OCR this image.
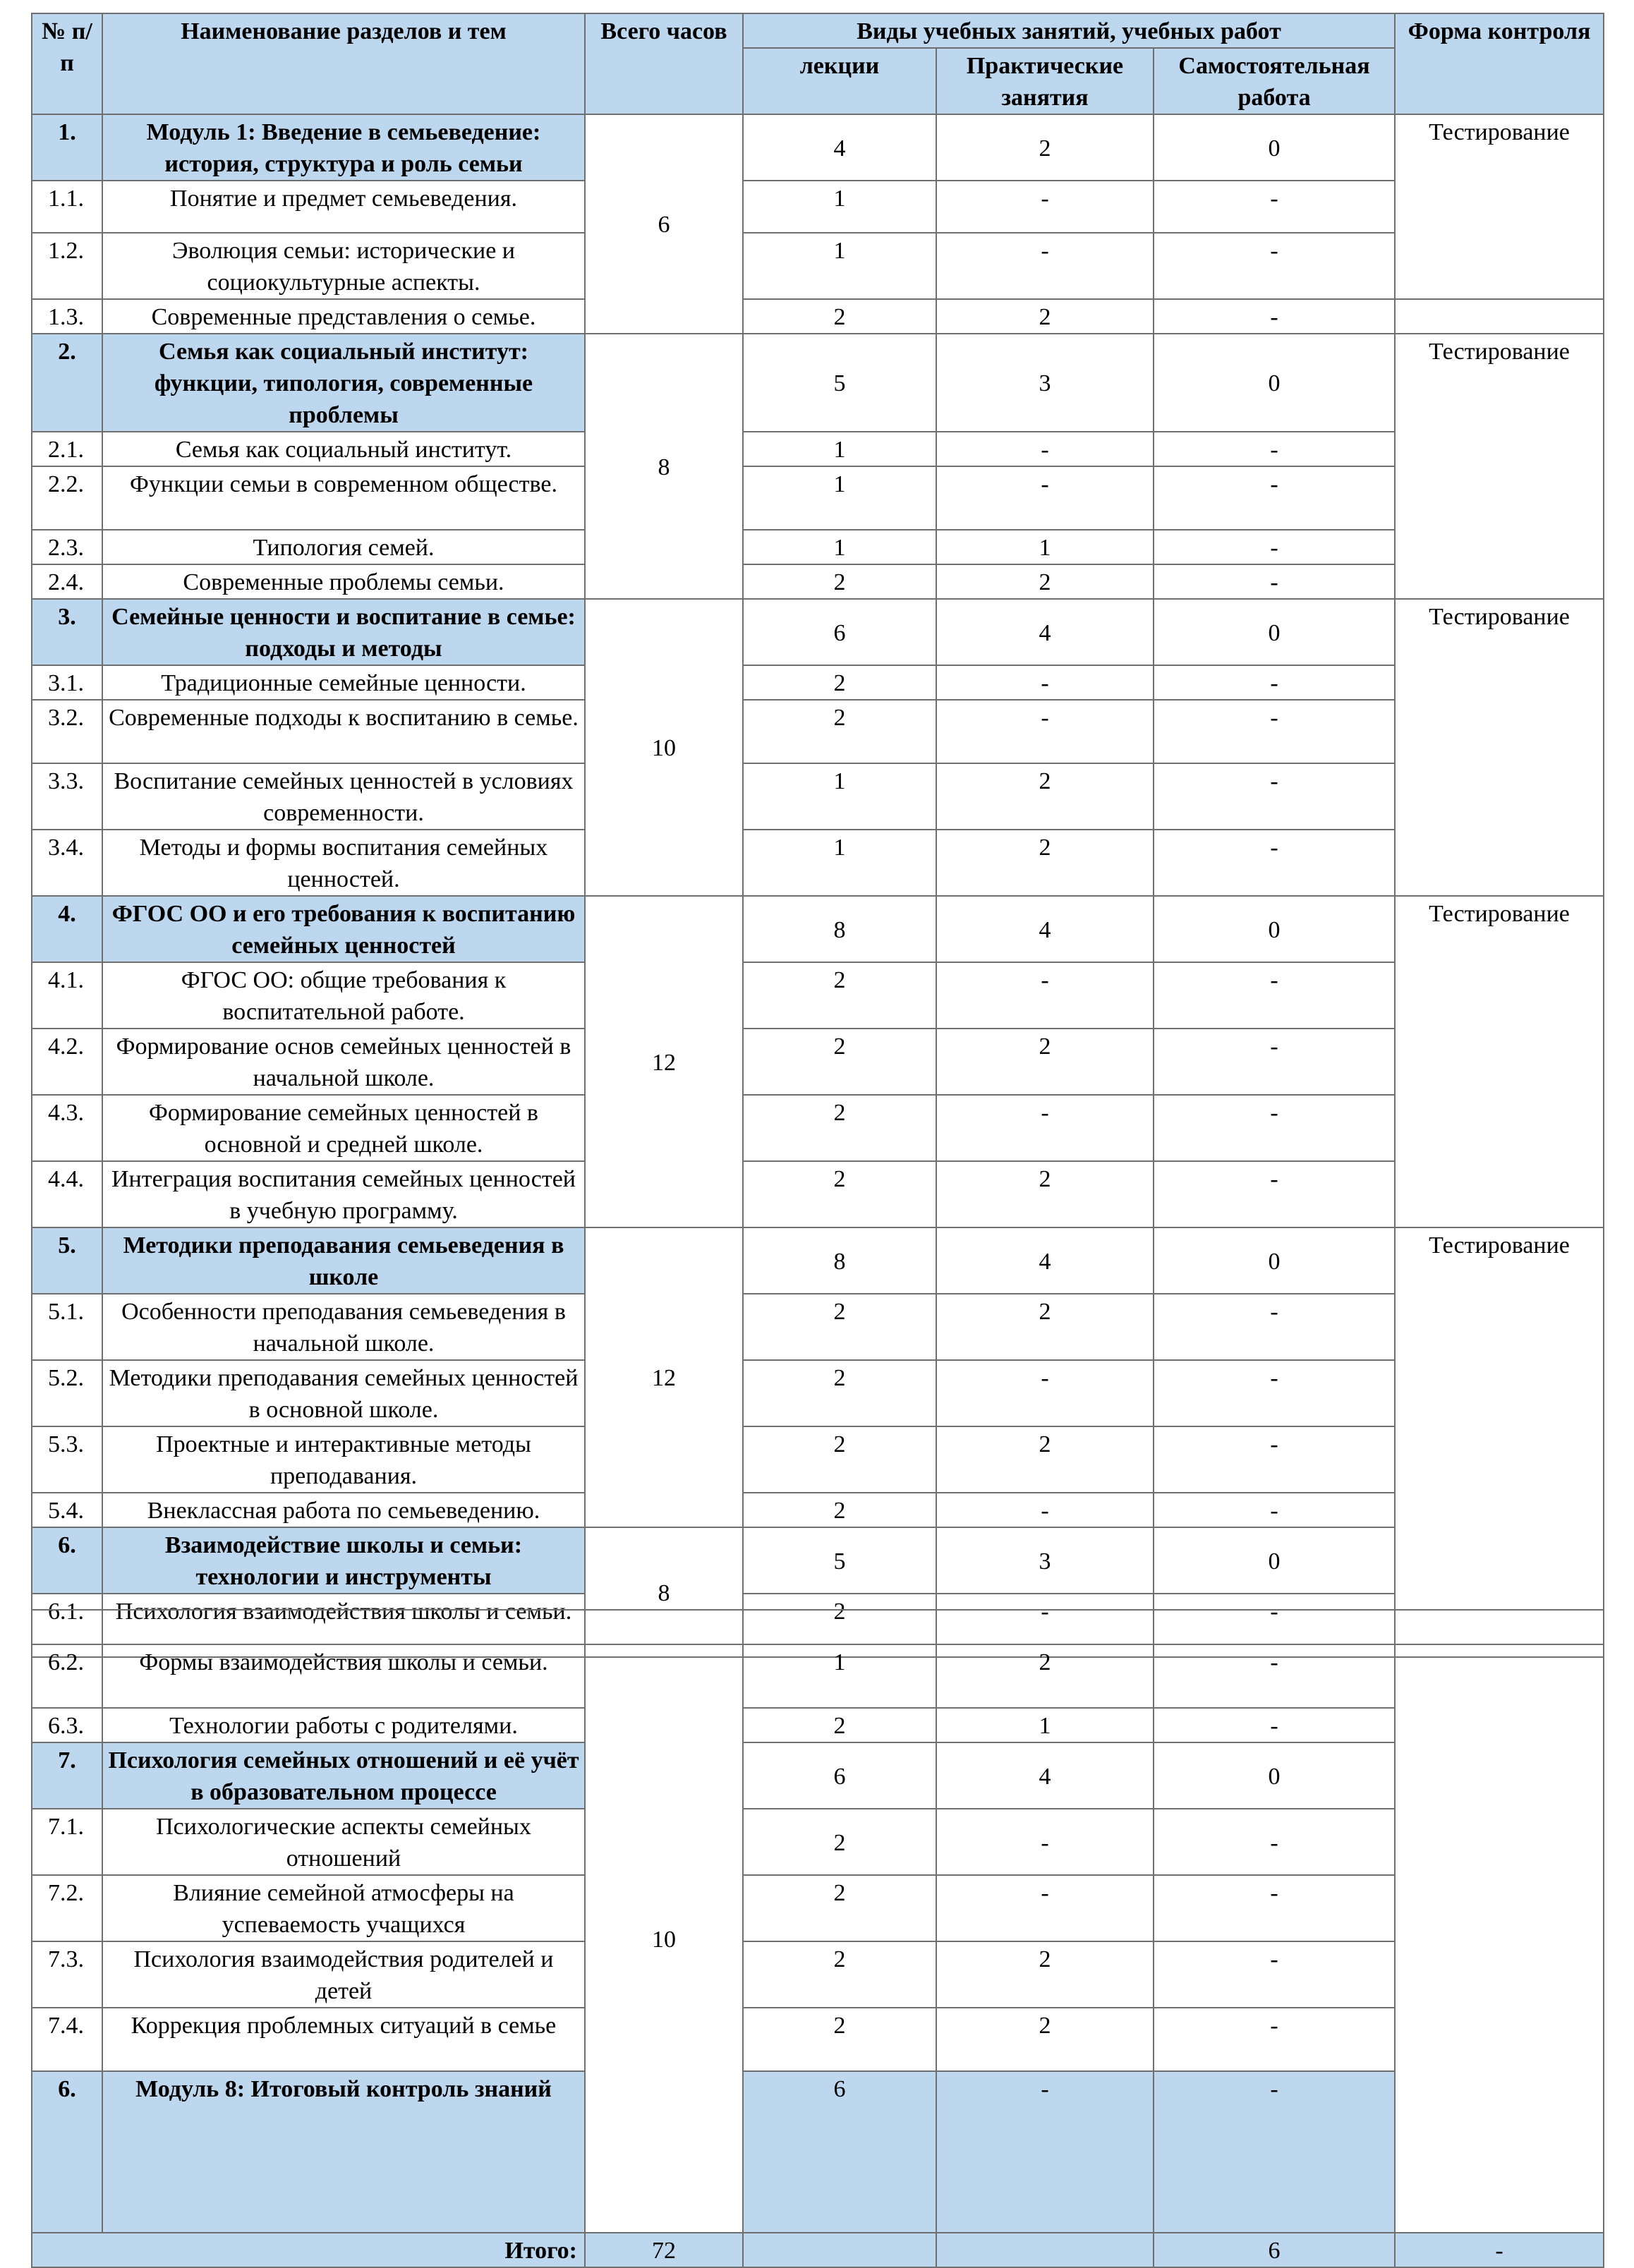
№ п/п	Наименование разделов и тем	Всего часов	Виды учебных занятий, учебных работ			Форма контроля
			лекции	Практические занятия	Самостоятельная работа	
1.	Модуль 1: Введение в семьеведение: история, структура и роль семьи	6	4	2	0	Тестирование
1.1.	Понятие и предмет семьеведения.		1	-	-	
1.2.	Эволюция семьи: исторические и социокультурные аспекты.		1	-	-	
1.3.	Современные представления о семье.		2	2	-	
2.	Семья как социальный институт: функции, типология, современные проблемы	8	5	3	0	Тестирование
2.1.	Семья как социальный институт.		1	-	-	
2.2.	Функции семьи в современном обществе.		1	-	-	
2.3.	Типология семей.		1	1	-	
2.4.	Современные проблемы семьи.		2	2	-	
3.	Семейные ценности и воспитание в семье: подходы и методы	10	6	4	0	Тестирование
3.1.	Традиционные семейные ценности.		2	-	-	
3.2.	Современные подходы к воспитанию в семье.		2	-	-	
3.3.	Воспитание семейных ценностей в условиях современности.		1	2	-	
3.4.	Методы и формы воспитания семейных ценностей.		1	2	-	
4.	ФГОС ОО и его требования к воспитанию семейных ценностей	12	8	4	0	Тестирование
4.1.	ФГОС ОО: общие требования к воспитательной работе.		2	-	-	
4.2.	Формирование основ семейных ценностей в начальной школе.		2	2	-	
4.3.	Формирование семейных ценностей в основной и средней школе.		2	-	-	
4.4.	Интеграция воспитания семейных ценностей в учебную программу.		2	2	-	
5.	Методики преподавания семьеведения в школе	12	8	4	0	Тестирование
5.1.	Особенности преподавания семьеведения в начальной школе.		2	2	-	
5.2.	Методики преподавания семейных ценностей в основной школе.		2	-	-	
5.3.	Проектные и интерактивные методы преподавания.		2	2	-	
5.4.	Внеклассная работа по семьеведению.		2	-	-	
6.	Взаимодействие школы и семьи: технологии и инструменты	8	5	3	0	
6.1.	Психология взаимодействия школы и семьи.		2	-	-	
6.2.	Формы взаимодействия школы и семьи.	10	1	2	-		
6.3.	Технологии работы с родителями.		2	1	-		
7.	Психология семейных отношений и её учёт в образовательном процессе		6	4	0		
7.1.	Психологические аспекты семейных отношений		2	-	-		
7.2.	Влияние семейной атмосферы на успеваемость учащихся		2	-	-		
7.3.	Психология взаимодействия родителей и детей		2	2	-		
7.4.	Коррекция проблемных ситуаций в семье		2	2	-		
6.	Модуль 8: Итоговый контроль знаний		6	-	-		
Итого:		72			6	-	
